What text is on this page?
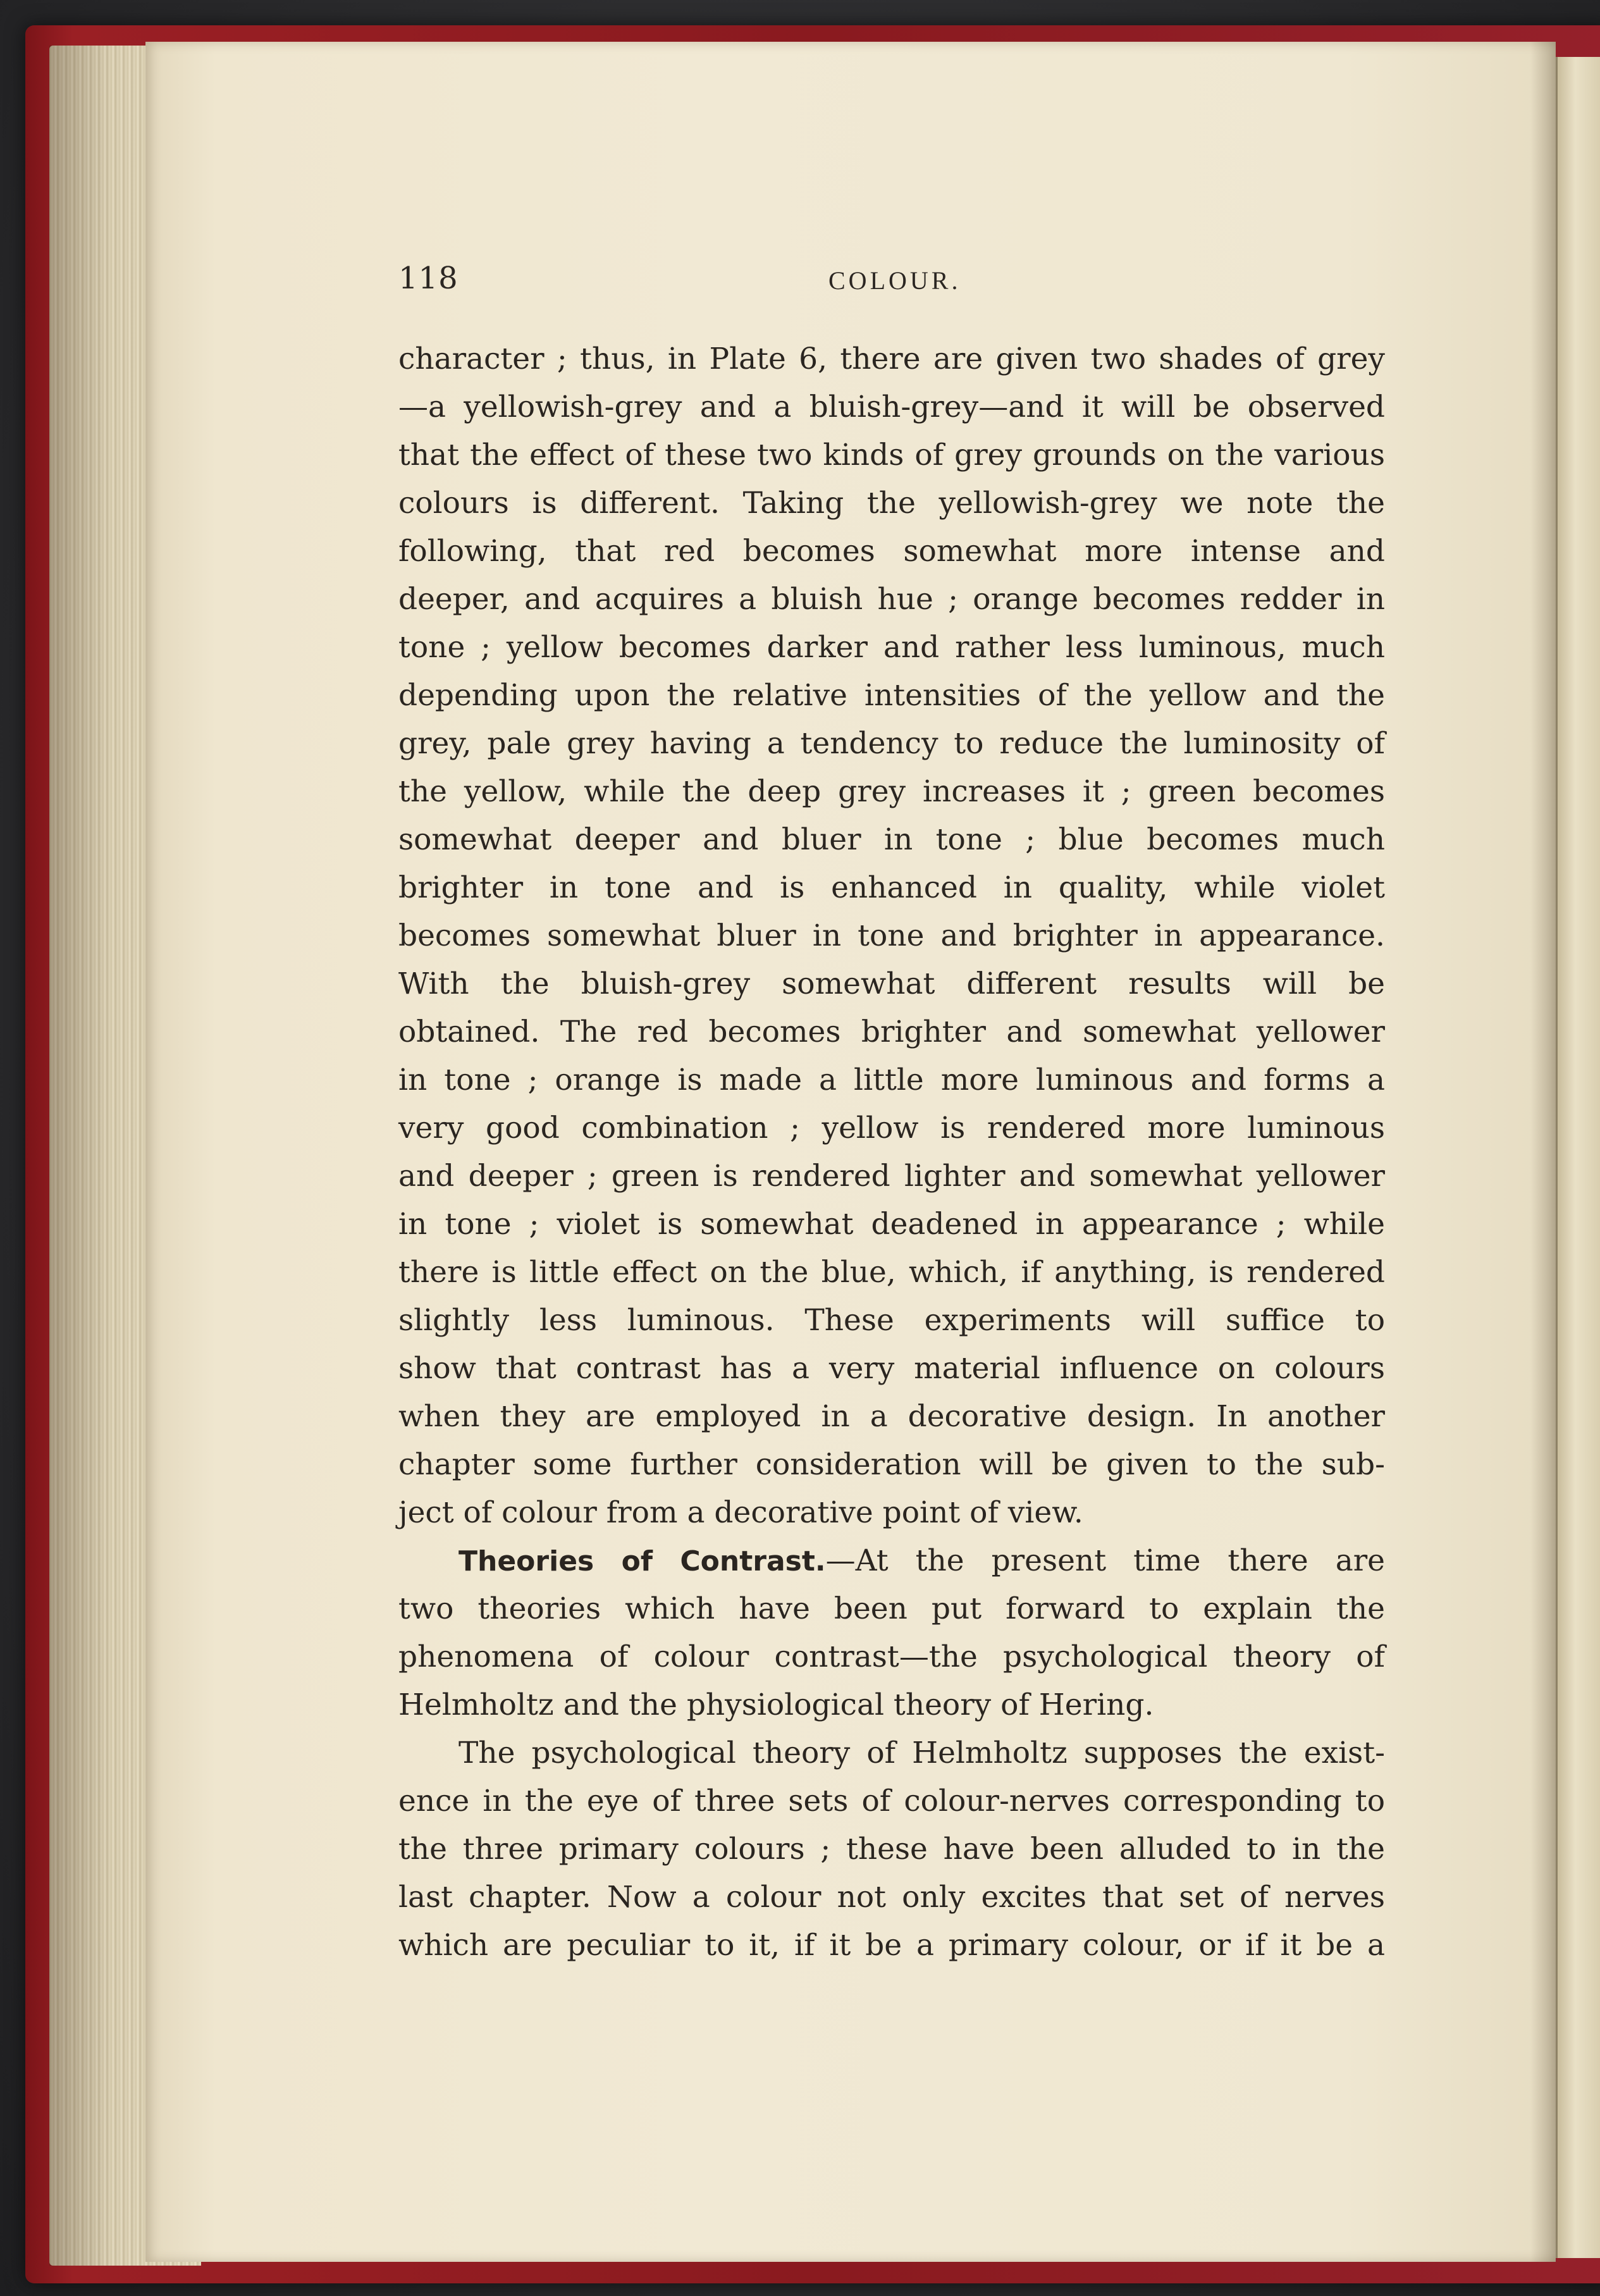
118	COLOUR.
character ; thus, in Plate 6, there are given two shades of grey
—a yellowish-grey and a bluish-grey—and it will be observed
that the effect of these two kinds of grey grounds on the various
colours is different. Taking the yellowish-grey we note the
following, that red becomes somewhat more intense and
deeper, and acquires a bluish hue ; orange becomes redder in
tone ; yellow becomes darker and rather less luminous, much
depending upon the relative intensities of the yellow and the
grey, pale grey having a tendency to reduce the luminosity of
the yellow, while the deep grey increases it ; green becomes
somewhat deeper and bluer in tone ; blue becomes much
brighter in tone and is enhanced in quality, while violet
becomes somewhat bluer in tone and brighter in appearance.
With the bluish-grey somewhat different results will be
obtained. The red becomes brighter and somewhat yellower
in tone ; orange is made a little more luminous and forms a
very good combination ; yellow is rendered more luminous
and deeper ; green is rendered lighter and somewhat yellower
in tone ; violet is somewhat deadened in appearance ; while
there is little effect on the blue, which, if anything, is rendered
slightly less luminous. These experiments will suffice to
show that contrast has a very material influence on colours
when they are employed in a decorative design. In another
chapter some further consideration will be given to the sub-
ject of colour from a decorative point of view.
Theories of Contrast.—At the present time there are
two theories which have been put forward to explain the
phenomena of colour contrast—the psychological theory of
Helmholtz and the physiological theory of Hering.
The psychological theory of Helmholtz supposes the exist-
ence in the eye of three sets of colour-nerves corresponding to
the three primary colours ; these have been alluded to in the
last chapter. Now a colour not only excites that set of nerves
which are peculiar to it, if it be a primary colour, or if it be a
